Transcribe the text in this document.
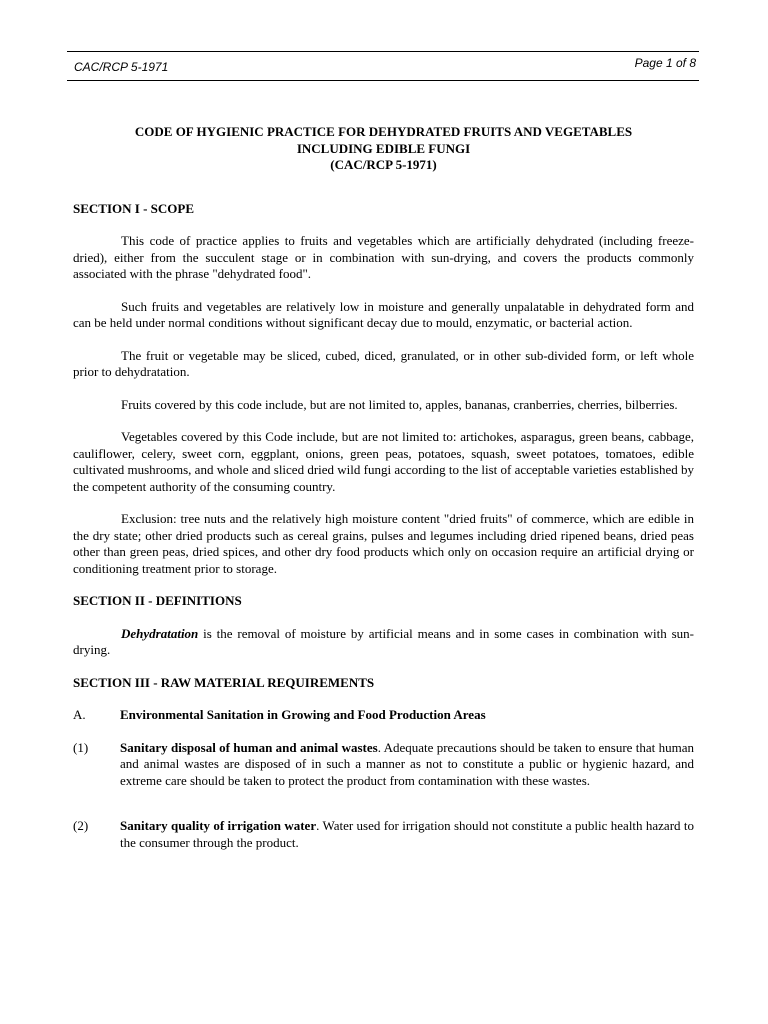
CAC/RCP 5-1971	Page 1 of 8

CODE OF HYGIENIC PRACTICE FOR DEHYDRATED FRUITS AND VEGETABLES

INCLUDING EDIBLE FUNGI

(CAC/RCP 5-1971)

SECTION I - SCOPE

This code of practice applies to fruits and vegetables which are artificially dehydrated (including freeze-dried), either from the succulent stage or in combination with sun-drying, and covers the products commonly associated with the phrase "dehydrated food".

Such fruits and vegetables are relatively low in moisture and generally unpalatable in dehydrated form and can be held under normal conditions without significant decay due to mould, enzymatic, or bacterial action.

The fruit or vegetable may be sliced, cubed, diced, granulated, or in other sub-divided form, or left whole prior to dehydratation.

Fruits covered by this code include, but are not limited to, apples, bananas, cranberries, cherries, bilberries.

Vegetables covered by this Code include, but are not limited to: artichokes, asparagus, green beans, cabbage, cauliflower, celery, sweet corn, eggplant, onions, green peas, potatoes, squash, sweet potatoes, tomatoes, edible cultivated mushrooms, and whole and sliced dried wild fungi according to the list of acceptable varieties established by the competent authority of the consuming country.

Exclusion: tree nuts and the relatively high moisture content "dried fruits" of commerce, which are edible in the dry state; other dried products such as cereal grains, pulses and legumes including dried ripened beans, dried peas other than green peas, dried spices, and other dry food products which only on occasion require an artificial drying or conditioning treatment prior to storage.

SECTION II - DEFINITIONS

Dehydratation is the removal of moisture by artificial means and in some cases in combination with sun-drying.

SECTION III - RAW MATERIAL REQUIREMENTS

A.	Environmental Sanitation in Growing and Food Production Areas
(1)	Sanitary disposal of human and animal wastes. Adequate precautions should be taken to ensure that human and animal wastes are disposed of in such a manner as not to constitute a public or hygienic hazard, and extreme care should be taken to protect the product from contamination with these wastes.
(2)	Sanitary quality of irrigation water. Water used for irrigation should not constitute a public health hazard to the consumer through the product.
